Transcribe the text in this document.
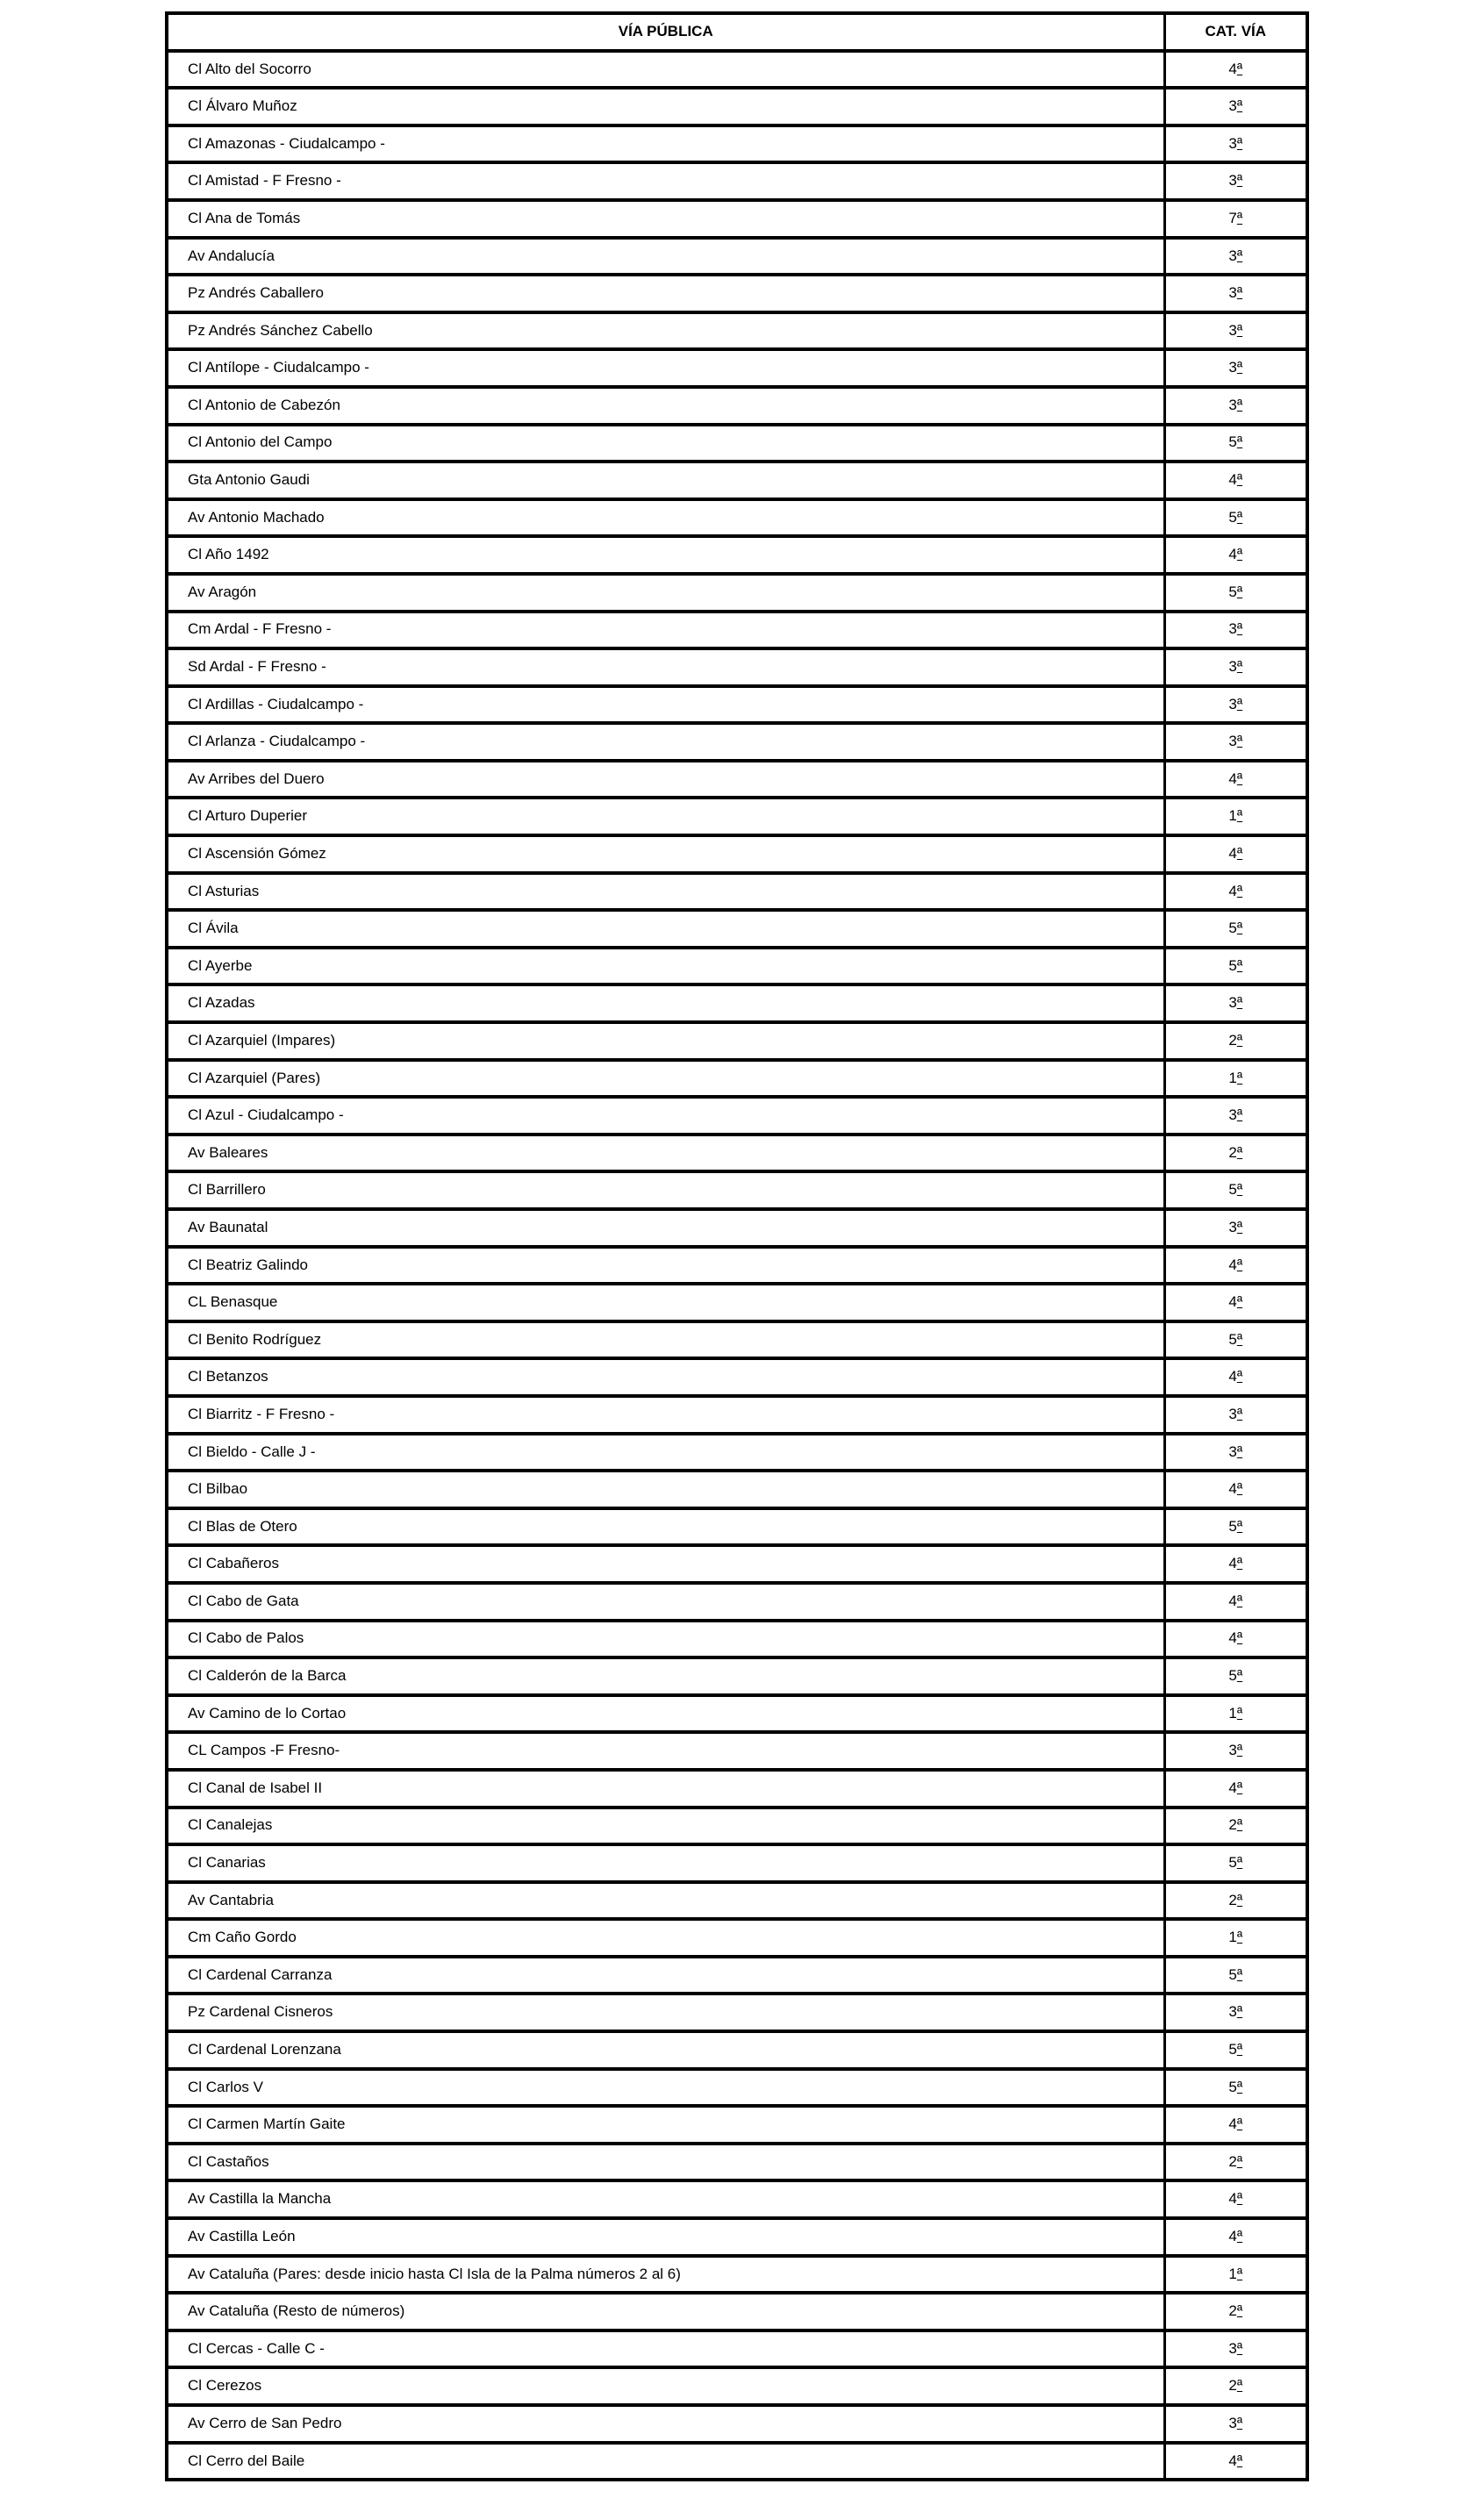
VÍA PÚBLICA	CAT. VÍA
Cl Alto del Socorro	4ª
Cl Álvaro Muñoz	3ª
Cl Amazonas - Ciudalcampo -	3ª
Cl Amistad - F Fresno -	3ª
Cl Ana de Tomás	7ª
Av Andalucía	3ª
Pz Andrés Caballero	3ª
Pz Andrés Sánchez Cabello	3ª
Cl Antílope - Ciudalcampo -	3ª
Cl Antonio de Cabezón	3ª
Cl Antonio del Campo	5ª
Gta Antonio Gaudi	4ª
Av Antonio Machado	5ª
Cl Año 1492	4ª
Av Aragón	5ª
Cm Ardal - F Fresno -	3ª
Sd Ardal - F Fresno -	3ª
Cl Ardillas - Ciudalcampo -	3ª
Cl Arlanza - Ciudalcampo -	3ª
Av Arribes del Duero	4ª
Cl Arturo Duperier	1ª
Cl Ascensión Gómez	4ª
Cl Asturias	4ª
Cl Ávila	5ª
Cl Ayerbe	5ª
Cl Azadas	3ª
Cl Azarquiel (Impares)	2ª
Cl Azarquiel (Pares)	1ª
Cl Azul - Ciudalcampo -	3ª
Av Baleares	2ª
Cl Barrillero	5ª
Av Baunatal	3ª
Cl Beatriz Galindo	4ª
CL Benasque	4ª
Cl Benito Rodríguez	5ª
Cl Betanzos	4ª
Cl Biarritz - F Fresno -	3ª
Cl Bieldo - Calle J -	3ª
Cl Bilbao	4ª
Cl Blas de Otero	5ª
Cl Cabañeros	4ª
Cl Cabo de Gata	4ª
Cl Cabo de Palos	4ª
Cl Calderón de la Barca	5ª
Av Camino de lo Cortao	1ª
CL Campos -F Fresno-	3ª
Cl Canal de Isabel II	4ª
Cl Canalejas	2ª
Cl Canarias	5ª
Av Cantabria	2ª
Cm Caño Gordo	1ª
Cl Cardenal Carranza	5ª
Pz Cardenal Cisneros	3ª
Cl Cardenal Lorenzana	5ª
Cl Carlos V	5ª
Cl Carmen Martín Gaite	4ª
Cl Castaños	2ª
Av Castilla la Mancha	4ª
Av Castilla León	4ª
Av Cataluña (Pares: desde inicio hasta Cl Isla de la Palma números 2 al 6)	1ª
Av Cataluña (Resto de números)	2ª
Cl Cercas - Calle C -	3ª
Cl Cerezos	2ª
Av Cerro de San Pedro	3ª
Cl Cerro del Baile	4ª
